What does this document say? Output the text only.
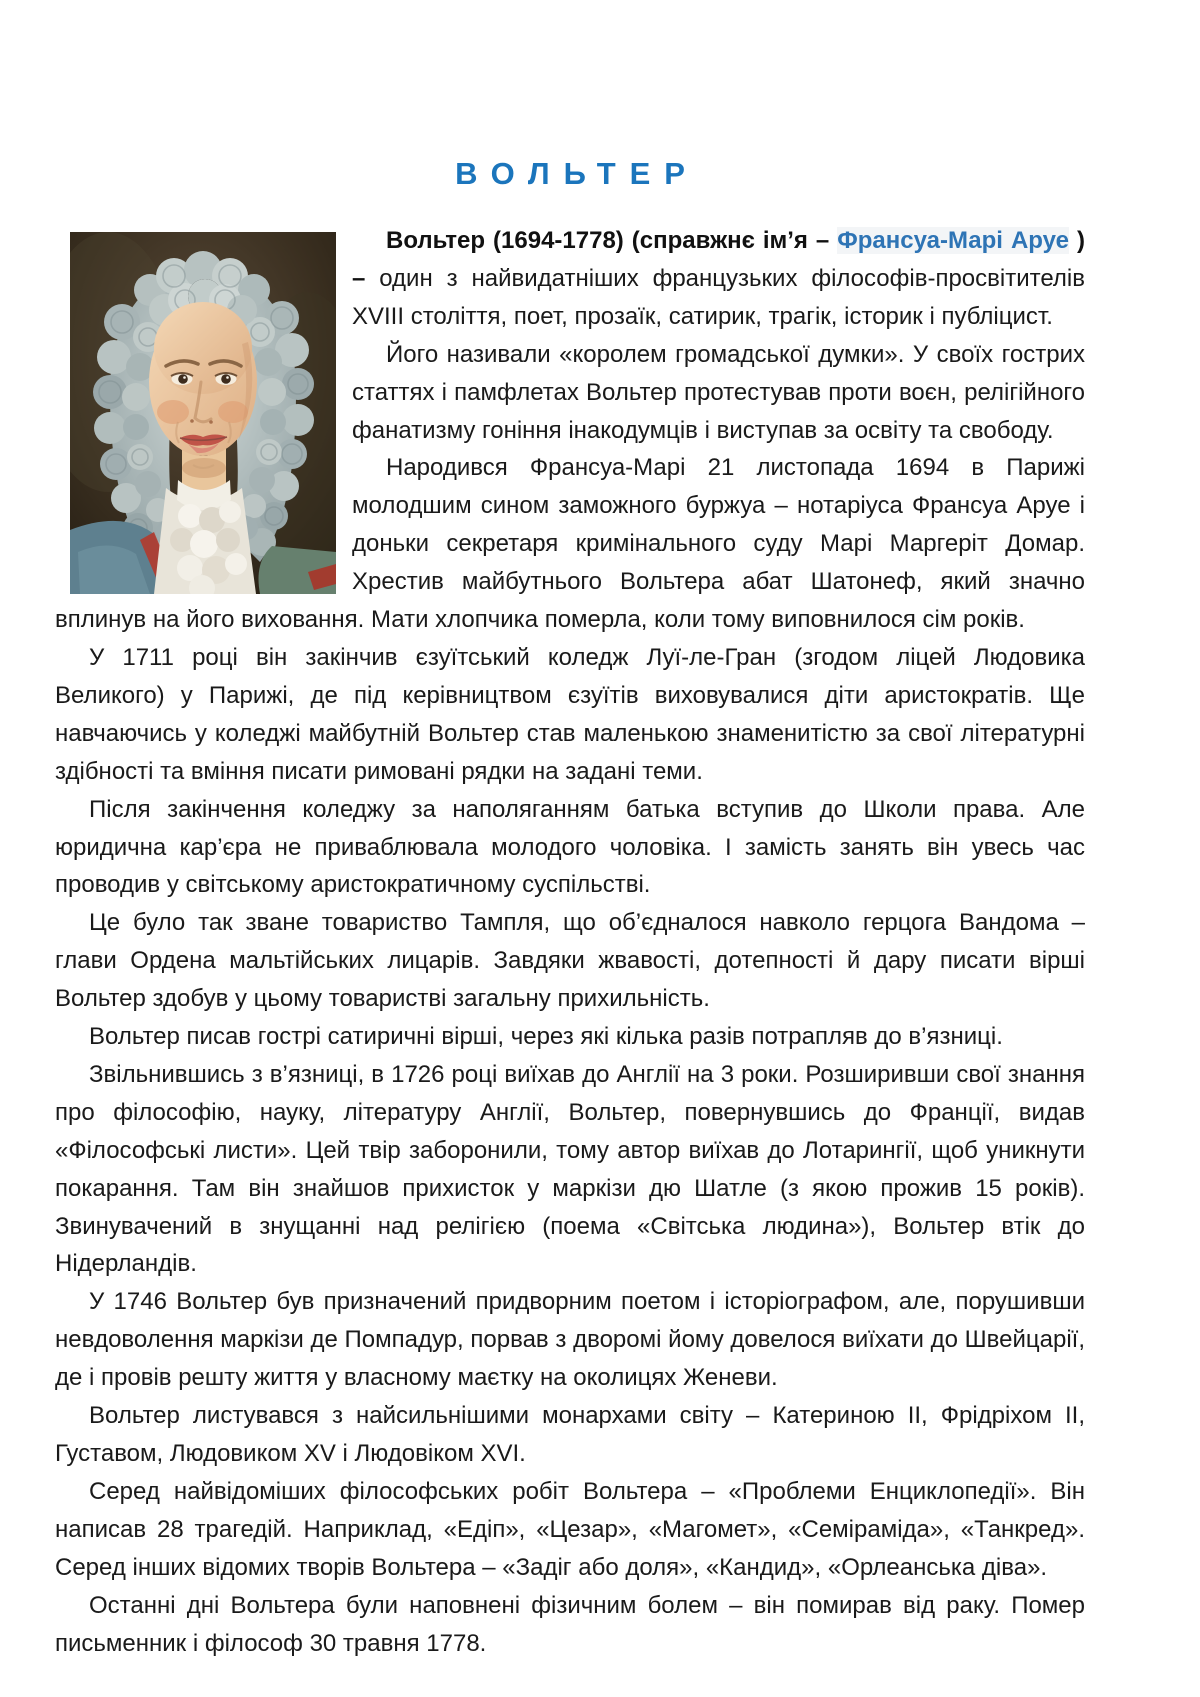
ВОЛЬТЕР

Вольтер (1694-1778) (справжнє ім’я – Франсуа-Марі Аруе ) – один з найвидатніших французьких філософів-просвітителів XVIII століття, поет, прозаїк, сатирик, трагік, історик і публіцист.

Його називали «королем громадської думки». У своїх гострих статтях і памфлетах Вольтер протестував проти воєн, релігійного фанатизму гоніння інакодумців і виступав за освіту та свободу.

Народився Франсуа-Марі 21 листопада 1694 в Парижі молодшим сином заможного буржуа – нотаріуса Франсуа Аруе і доньки секретаря кримінального суду Марі Маргеріт Домар. Хрестив майбутнього Вольтера абат Шатонеф, який значно вплинув на його виховання. Мати хлопчика померла, коли тому виповнилося сім років.

У 1711 році він закінчив єзуїтський коледж Луї-ле-Гран (згодом ліцей Людовика Великого) у Парижі, де під керівництвом єзуїтів виховувалися діти аристократів. Ще навчаючись у коледжі майбутній Вольтер став маленькою знаменитістю за свої літературні здібності та вміння писати римовані рядки на задані теми.

Після закінчення коледжу за наполяганням батька вступив до Школи права. Але юридична кар’єра не приваблювала молодого чоловіка. І замість занять він увесь час проводив у світському аристократичному суспільстві.

Це було так зване товариство Тампля, що об’єдналося навколо герцога Вандома – глави Ордена мальтійських лицарів. Завдяки жвавості, дотепності й дару писати вірші Вольтер здобув у цьому товаристві загальну прихильність.

Вольтер писав гострі сатиричні вірші, через які кілька разів потрапляв до в’язниці.

Звільнившись з в’язниці, в 1726 році виїхав до Англії на 3 роки. Розширивши свої знання про філософію, науку, літературу Англії, Вольтер, повернувшись до Франції, видав «Філософські листи». Цей твір заборонили, тому автор виїхав до Лотарингії, щоб уникнути покарання. Там він знайшов прихисток у маркізи дю Шатле (з якою прожив 15 років). Звинувачений в знущанні над релігією (поема «Світська людина»), Вольтер втік до Нідерландів.

У 1746 Вольтер був призначений придворним поетом і історіографом, але, порушивши невдоволення маркізи де Помпадур, порвав з дворомі йому довелося виїхати до Швейцарії, де і провів решту життя у власному маєтку на околицях Женеви.

Вольтер листувався з найсильнішими монархами світу – Катериною II, Фрідріхом II, Густавом, Людовиком XV і Людовіком XVI.

Серед найвідоміших філософських робіт Вольтера – «Проблеми Енциклопедії». Він написав 28 трагедій. Наприклад, «Едіп», «Цезар», «Магомет», «Семіраміда», «Танкред». Серед інших відомих творів Вольтера – «Задіг або доля», «Кандид», «Орлеанська діва».

Останні дні Вольтера були наповнені фізичним болем – він помирав від раку. Помер письменник і філософ 30 травня 1778.
